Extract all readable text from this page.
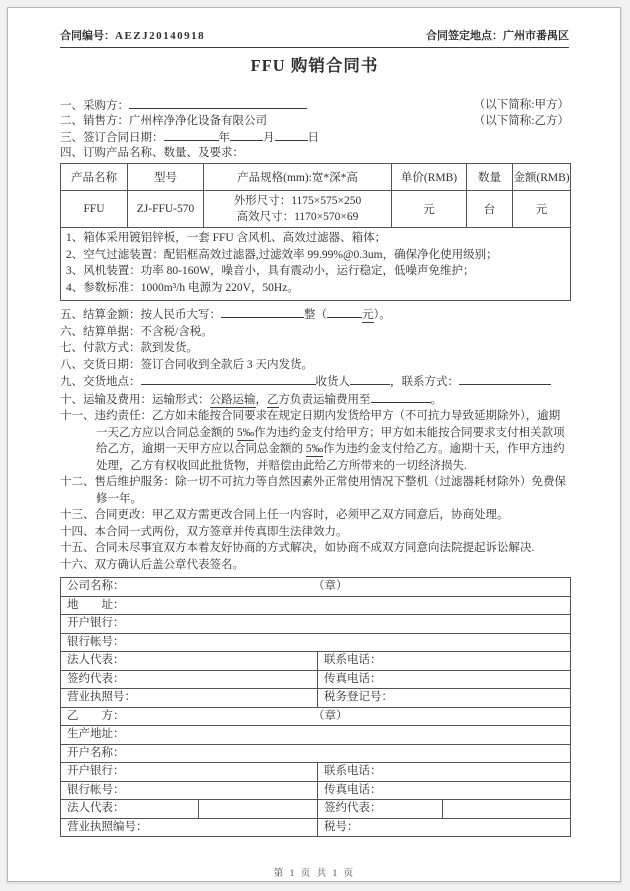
合同编号：AEZJ20140918	合同签定地点：广州市番禺区
FFU 购销合同书
一、采购方：	（以下简称:甲方）
二、销售方：广州梓净净化设备有限公司	（以下简称:乙方）
三、签订合同日期：	年	月	日
四、订购产品名称、数量、及要求：
产品名称	型号	产品规格(mm):宽*深*高	单价(RMB)	数量	金额(RMB)
FFU	ZJ-FFU-570	外形尺寸：1175×575×250
高效尺寸：1170×570×69	元	台	元

1、箱体采用镀铝锌板，一套 FFU 含风机、高效过滤器、箱体；
2、空气过滤装置：配铝框高效过滤器,过滤效率 99.99%@0.3um，确保净化使用级别；
3、风机装置：功率 80-160W，噪音小，具有震动小，运行稳定，低噪声免维护；
4、参数标准：1000m³/h 电源为 220V，50Hz。					
五、结算金额：按人民币大写：	整（	元）。
六、结算单据：不含税/含税。
七、付款方式：款到发货。
八、交货日期：签订合同收到全款后 3 天内发货。
九、交货地点：	收货人	，联系方式：
十、运输及费用：运输形式：公路运输，乙方负责运输费用至	。
十一、违约责任：乙方如未能按合同要求在规定日期内发货给甲方（不可抗力导致延期除外），逾期一天乙方应以合同总金额的 5‰作为违约金支付给甲方；甲方如未能按合同要求支付相关款项给乙方，逾期一天甲方应以合同总金额的 5‰作为违约金支付给乙方。逾期十天，作甲方违约处理，乙方有权收回此批货物，并赔偿由此给乙方所带来的一切经济损失.
十二、售后维护服务：除一切不可抗力等自然因素外正常使用情况下整机（过滤器耗材除外）免费保修一年。
十三、合同更改：甲乙双方需更改合同上任一内容时，必须甲乙双方同意后，协商处理。
十四、本合同一式两份，双方签章并传真即生法律效力。
十五、合同未尽事宜双方本着友好协商的方式解决，如协商不成双方同意向法院提起诉讼解决.
十六、双方确认后盖公章代表签名。
公司名称： （章）			

地　　址：			
开户银行：			
银行帐号：			
法人代表：		联系电话：	
签约代表：		传真电话：	
营业执照号：		税务登记号：	
乙　　方： （章）			

生产地址：			
开户名称：			
开户银行：		联系电话：	
银行帐号：		传真电话：	
法人代表：		签约代表：	
营业执照编号：		税号：	
第 1 页 共 1 页
